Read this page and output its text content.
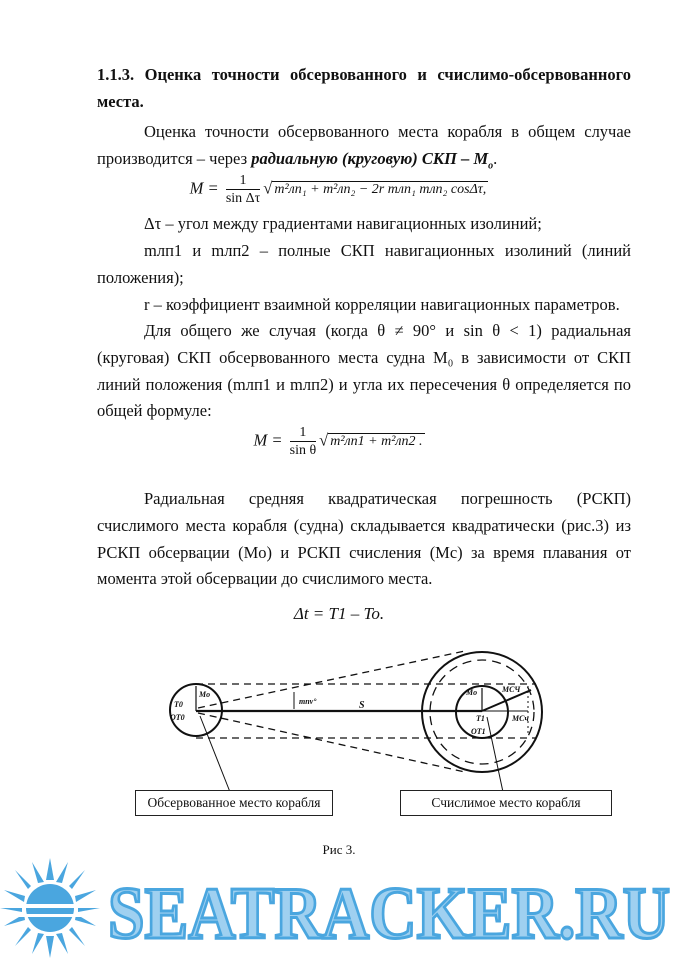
1.1.3. Оценка точности обсервованного и счислимо-обсервованного места.
Оценка точности обсервованного места корабля в общем случае производится – через радиальную (круговую) СКП – $M_o$.
$M = \frac{1}{\text{sin Δτ}}$ √ m²лп₁ + m²лп₂ − 2r mлп₁ mлп₂ cosΔτ,
Δτ – угол между градиентами навигационных изолиний;
mлп1 и mлп2 – полные СКП навигационных изолиний (линий положения);
r – коэффициент взаимной корреляции навигационных параметров.
Для общего же случая (когда θ ≠ 90° и sin θ < 1) радиальная (круговая) СКП обсервованного места судна M₀ в зависимости от СКП линий положения (mлп1 и mлп2) и угла их пересечения θ определяется по общей формуле:
$M = \frac{1}{\text{sin θ}}$ √ m²лп1 + m²лп2 .
Радиальная средняя квадратическая погрешность (РСКП) счислимого места корабля (судна) складывается квадратически (рис.3) из РСКП обсервации (Mo) и РСКП счисления (Mc) за время плавания от момента этой обсервации до счислимого места.
Δt = T1 – To.
Mo
T0
OT0
mпν°	S
Mo	MСЧ
MСч
T1
OT1
Обсервованное место корабля	Счислимое место корабля
Рис 3.
SEATRACKER.RU
